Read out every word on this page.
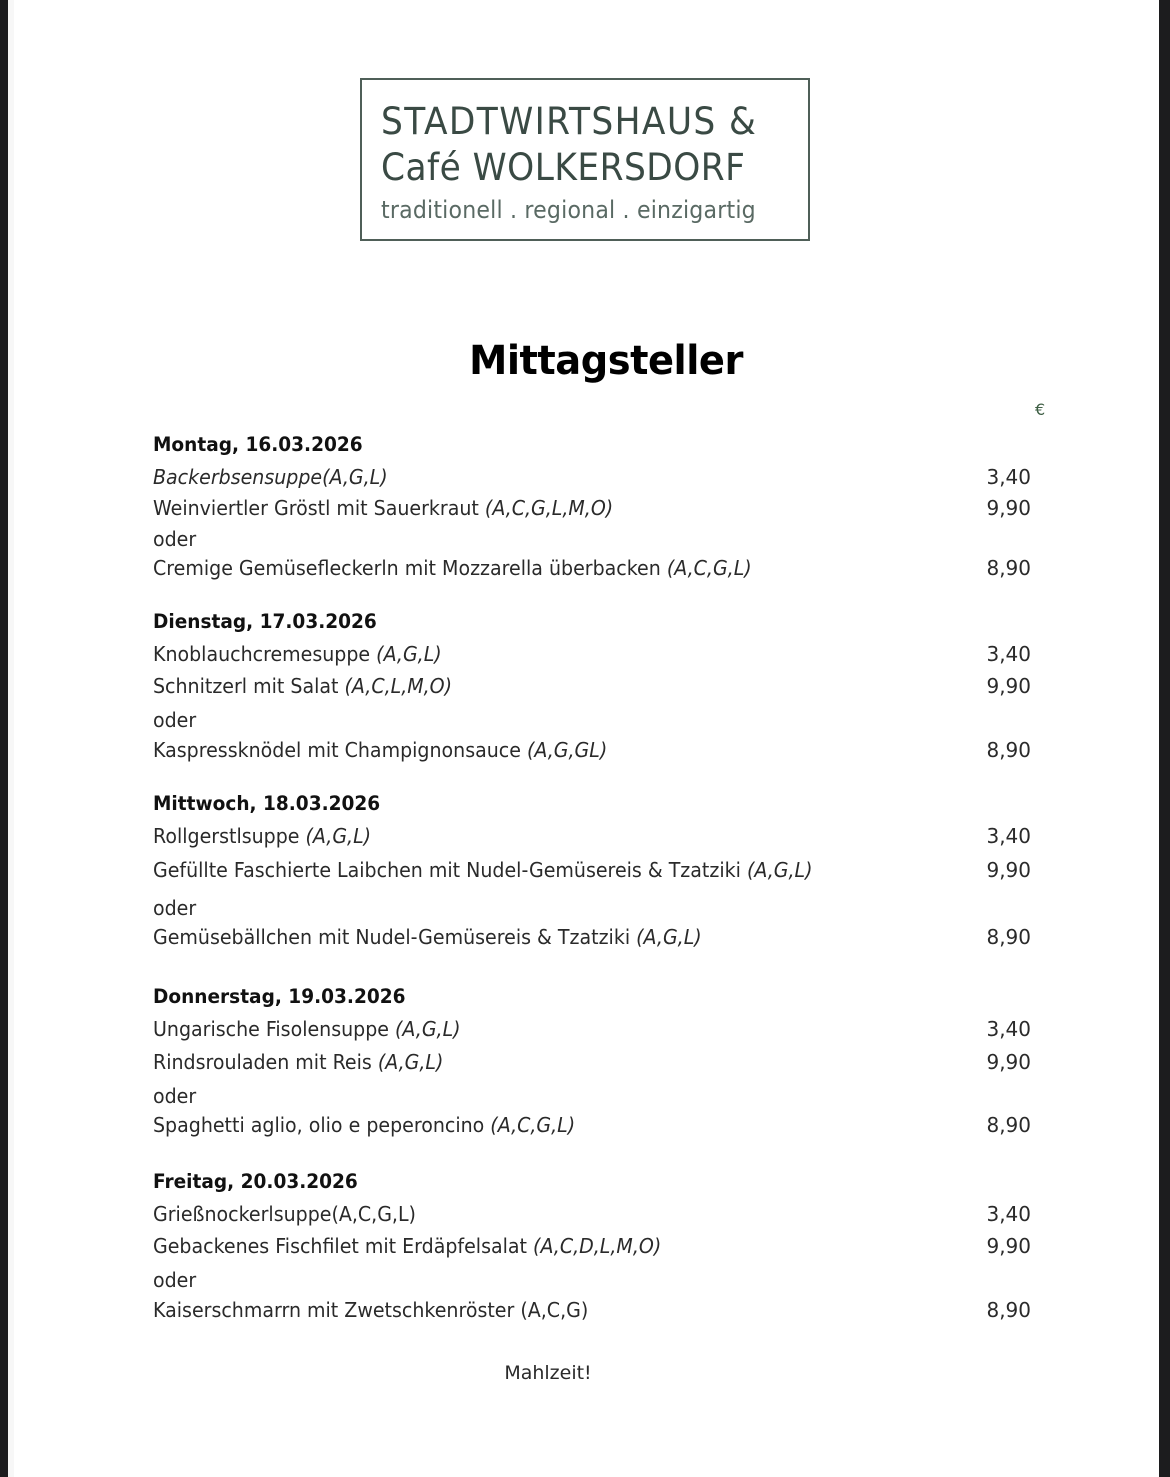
STADTWIRTSHAUS &
Café WOLKERSDORF
traditionell . regional . einzigartig
Mittagsteller
€
Montag, 16.03.2026
Backerbsensuppe(A,G,L)	3,40
Weinviertler Gröstl mit Sauerkraut (A,C,G,L,M,O)	9,90
oder
Cremige Gemüsefleckerln mit Mozzarella überbacken (A,C,G,L)	8,90
Dienstag, 17.03.2026
Knoblauchcremesuppe (A,G,L)	3,40
Schnitzerl mit Salat (A,C,L,M,O)	9,90
oder
Kaspressknödel mit Champignonsauce (A,G,GL)	8,90
Mittwoch, 18.03.2026
Rollgerstlsuppe (A,G,L)	3,40
Gefüllte Faschierte Laibchen mit Nudel-Gemüsereis & Tzatziki (A,G,L)	9,90
oder
Gemüsebällchen mit Nudel-Gemüsereis & Tzatziki (A,G,L)	8,90
Donnerstag, 19.03.2026
Ungarische Fisolensuppe (A,G,L)	3,40
Rindsrouladen mit Reis (A,G,L)	9,90
oder
Spaghetti aglio, olio e peperoncino (A,C,G,L)	8,90
Freitag, 20.03.2026
Grießnockerlsuppe(A,C,G,L)	3,40
Gebackenes Fischfilet mit Erdäpfelsalat (A,C,D,L,M,O)	9,90
oder
Kaiserschmarrn mit Zwetschkenröster (A,C,G)	8,90
Mahlzeit!
